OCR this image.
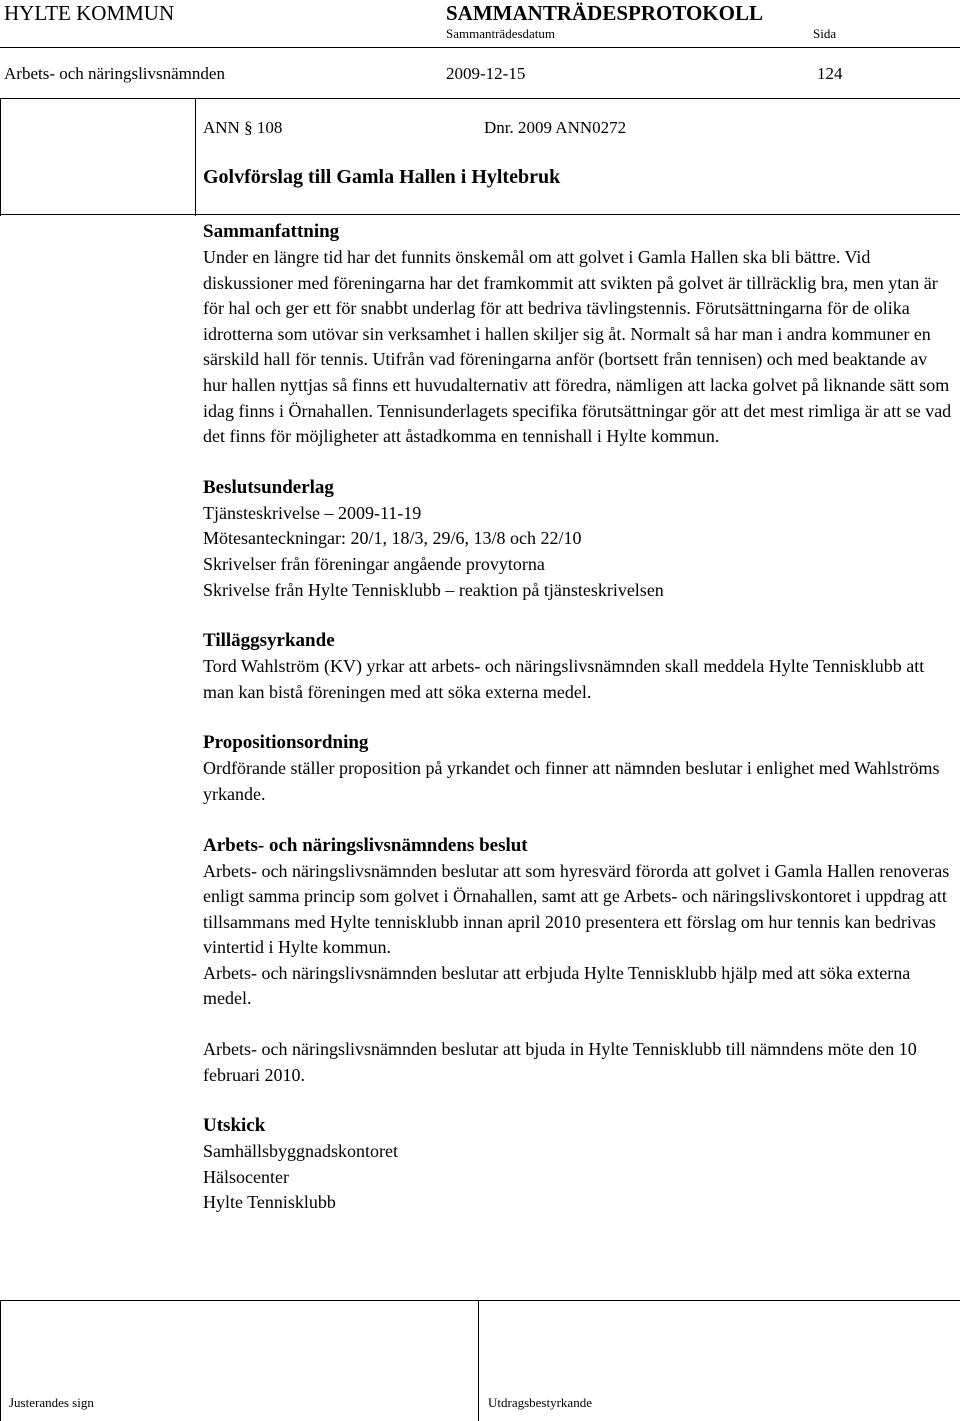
HYLTE KOMMUN	SAMMANTRÄDESPROTOKOLL
Sammanträdesdatum	Sida
Arbets- och näringslivsnämnden	2009-12-15	124
ANN § 108	Dnr. 2009 ANN0272
Golvförslag till Gamla Hallen i Hyltebruk

Sammanfattning

Under en längre tid har det funnits önskemål om att golvet i Gamla Hallen ska bli bättre. Vid diskussioner med föreningarna har det framkommit att svikten på golvet är tillräcklig bra, men ytan är för hal och ger ett för snabbt underlag för att bedriva tävlingstennis. Förutsättningarna för de olika idrotterna som utövar sin verksamhet i hallen skiljer sig åt. Normalt så har man i andra kommuner en särskild hall för tennis. Utifrån vad föreningarna anför (bortsett från tennisen) och med beaktande av hur hallen nyttjas så finns ett huvudalternativ att föredra, nämligen att lacka golvet på liknande sätt som idag finns i Örnahallen. Tennisunderlagets specifika förutsättningar gör att det mest rimliga är att se vad det finns för möjligheter att åstadkomma en tennishall i Hylte kommun.

Beslutsunderlag

Tjänsteskrivelse – 2009-11-19

Mötesanteckningar: 20/1, 18/3, 29/6, 13/8 och 22/10

Skrivelser från föreningar angående provytorna

Skrivelse från Hylte Tennisklubb – reaktion på tjänsteskrivelsen

Tilläggsyrkande

Tord Wahlström (KV) yrkar att arbets- och näringslivsnämnden skall meddela Hylte Tennisklubb att man kan bistå föreningen med att söka externa medel.

Propositionsordning

Ordförande ställer proposition på yrkandet och finner att nämnden beslutar i enlighet med Wahlströms yrkande.

Arbets- och näringslivsnämndens beslut

Arbets- och näringslivsnämnden beslutar att som hyresvärd förorda att golvet i Gamla Hallen renoveras enligt samma princip som golvet i Örnahallen, samt att ge Arbets- och näringslivskontoret i uppdrag att tillsammans med Hylte tennisklubb innan april 2010 presentera ett förslag om hur tennis kan bedrivas vintertid i Hylte kommun.

Arbets- och näringslivsnämnden beslutar att erbjuda Hylte Tennisklubb hjälp med att söka externa medel.

Arbets- och näringslivsnämnden beslutar att bjuda in Hylte Tennisklubb till nämndens möte den 10 februari 2010.

Utskick

Samhällsbyggnadskontoret

Hälsocenter

Hylte Tennisklubb

Justerandes sign	Utdragsbestyrkande
